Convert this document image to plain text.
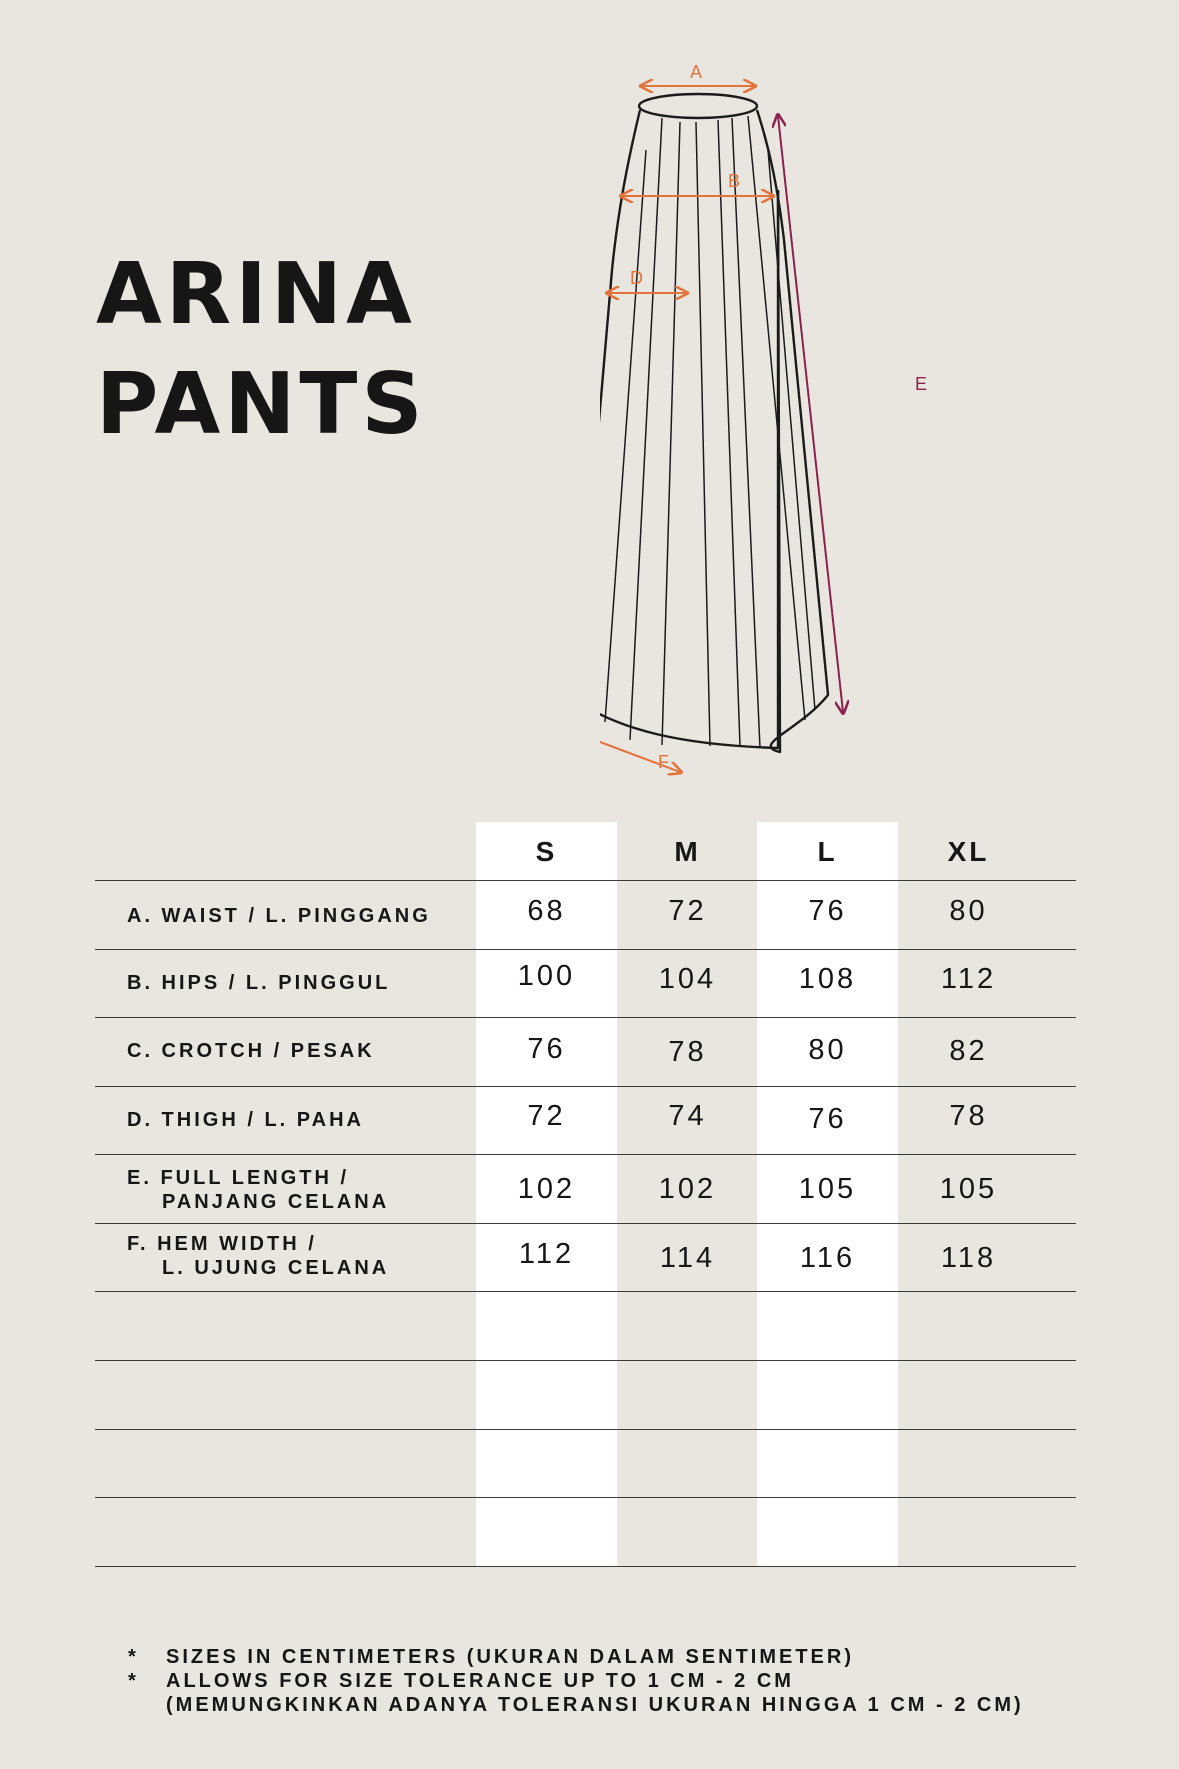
ARINA
PANTS
A
B
D
E
F
S	M	L	XL
A. WAIST / L. PINGGANG	68	72	76	80
B. HIPS / L. PINGGUL	100	104	108	112
C. CROTCH / PESAK	76	78	80	82
D. THIGH / L. PAHA	72	74	76	78
E. FULL LENGTH /
PANJANG CELANA	102	102	105	105
F. HEM WIDTH /
L. UJUNG CELANA	112	114	116	118
*	SIZES IN CENTIMETERS (UKURAN DALAM SENTIMETER)
*	ALLOWS FOR SIZE TOLERANCE UP TO 1 CM - 2 CM
(MEMUNGKINKAN ADANYA TOLERANSI UKURAN HINGGA 1 CM - 2 CM)
